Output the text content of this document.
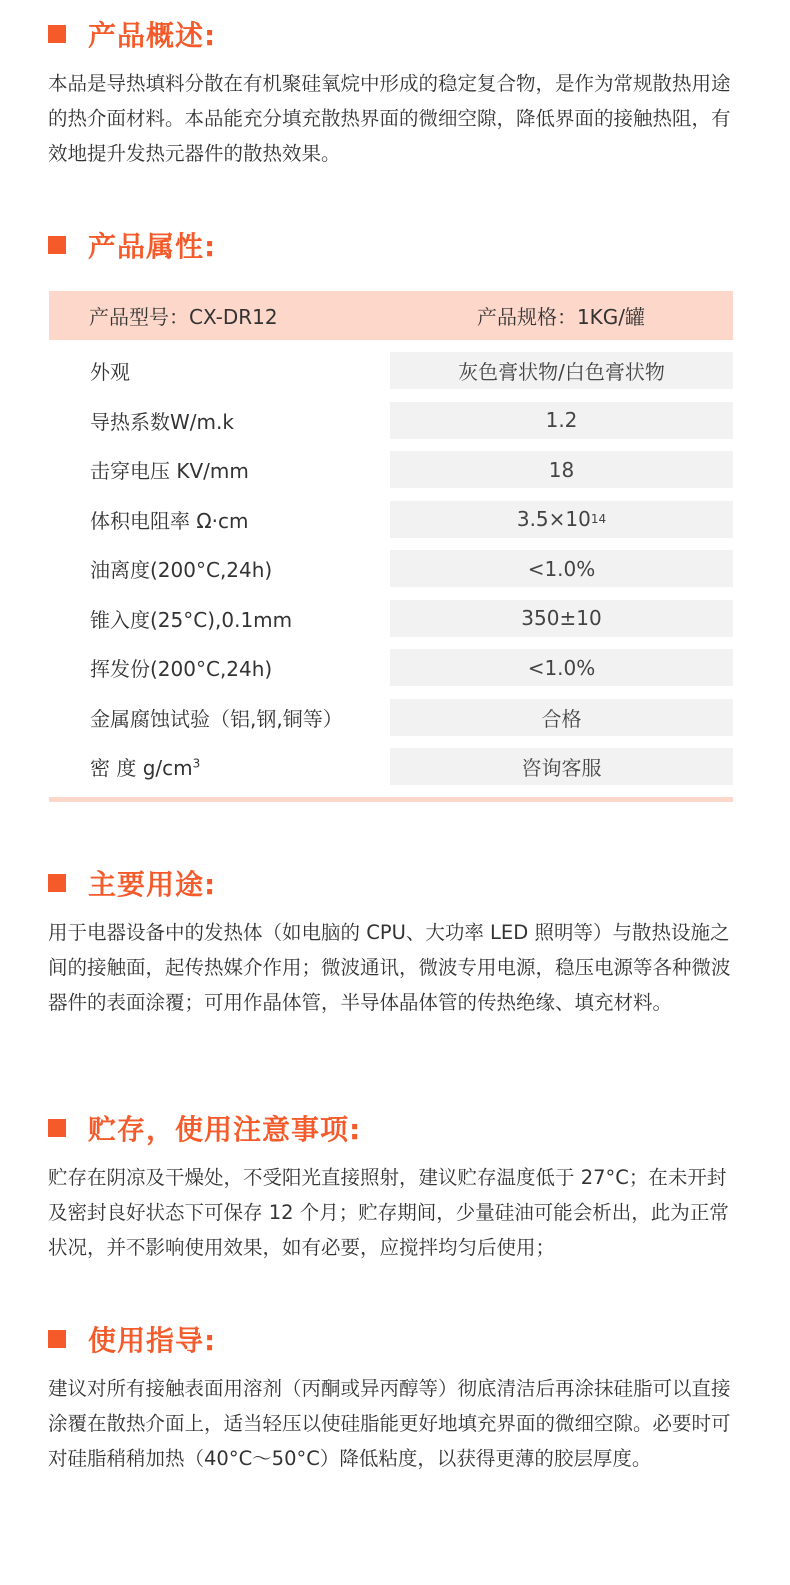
产品概述:
本品是导热填料分散在有机聚硅氧烷中形成的稳定复合物，是作为常规散热用途的热介面材料。本品能充分填充散热界面的微细空隙，降低界面的接触热阻，有效地提升发热元器件的散热效果。
产品属性:
产品型号：CX-DR12	产品规格：1KG/罐
外观	灰色膏状物/白色膏状物
导热系数W/m.k	1.2
击穿电压 KV/mm	18
体积电阻率 Ω·cm	3.5×10 14
油离度(200°C,24h)	<1.0%
锥入度(25°C),0.1mm	350±10
挥发份(200°C,24h)	<1.0%
金属腐蚀试验（铝,钢,铜等）	合格
密 度 $g/cm^3$	咨询客服
主要用途:
用于电器设备中的发热体（如电脑的 CPU、大功率 LED 照明等）与散热设施之间的接触面，起传热媒介作用；微波通讯，微波专用电源，稳压电源等各种微波器件的表面涂覆；可用作晶体管，半导体晶体管的传热绝缘、填充材料。
贮存，使用注意事项:
贮存在阴凉及干燥处，不受阳光直接照射，建议贮存温度低于 27°C；在未开封及密封良好状态下可保存 12 个月；贮存期间，少量硅油可能会析出，此为正常状况，并不影响使用效果，如有必要，应搅拌均匀后使用；
使用指导:
建议对所有接触表面用溶剂（丙酮或异丙醇等）彻底清洁后再涂抹硅脂可以直接涂覆在散热介面上，适当轻压以使硅脂能更好地填充界面的微细空隙。必要时可对硅脂稍稍加热（40°C～50°C）降低粘度，以获得更薄的胶层厚度。
